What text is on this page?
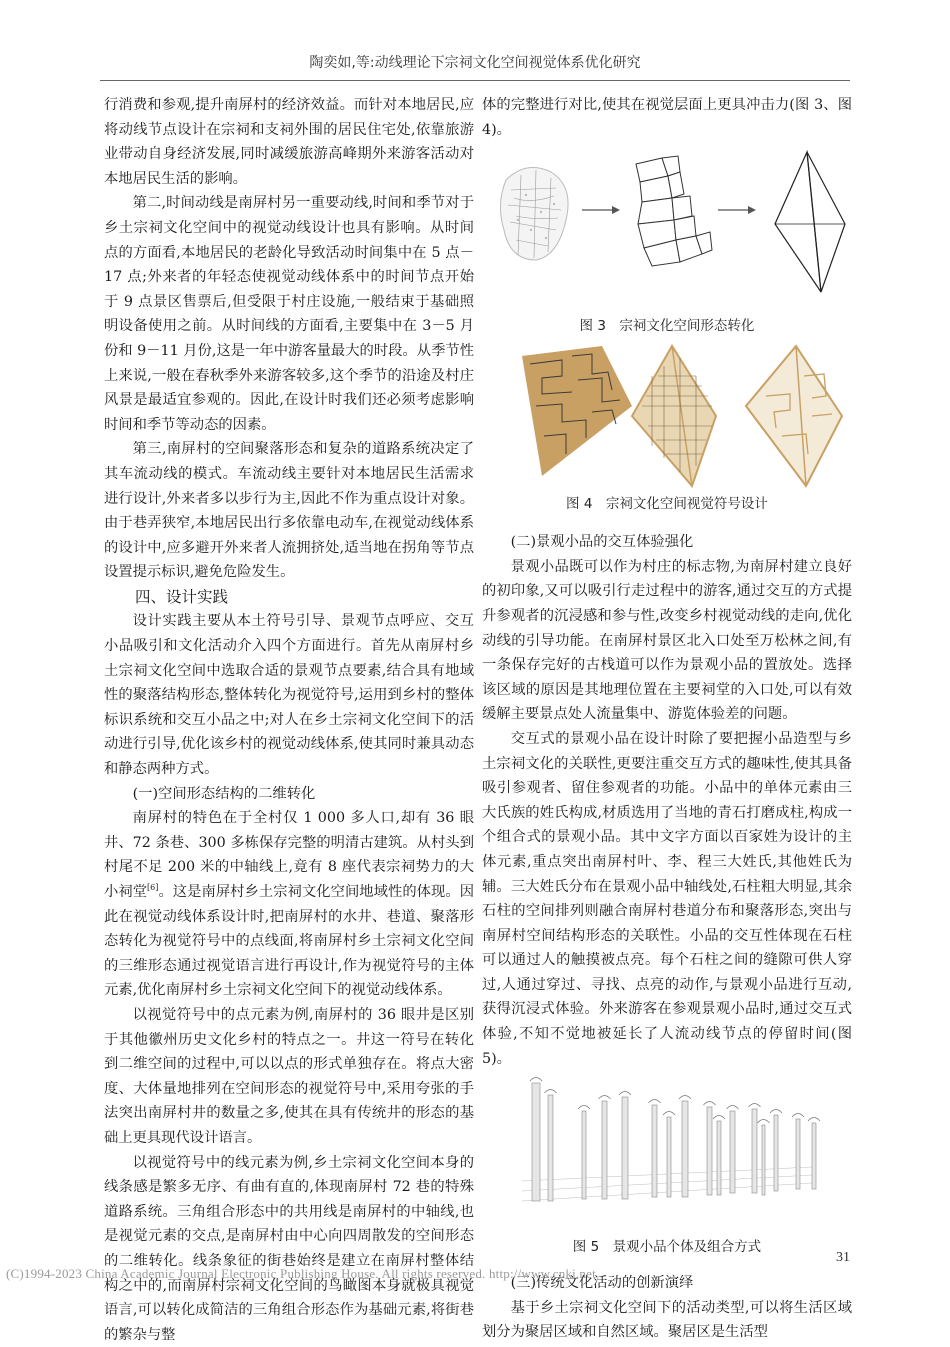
陶奕如,等:动线理论下宗祠文化空间视觉体系优化研究

行消费和参观,提升南屏村的经济效益。而针对本地居民,应将动线节点设计在宗祠和支祠外围的居民住宅处,依靠旅游业带动自身经济发展,同时减缓旅游高峰期外来游客活动对本地居民生活的影响。

第二,时间动线是南屏村另一重要动线,时间和季节对于乡土宗祠文化空间中的视觉动线设计也具有影响。从时间点的方面看,本地居民的老龄化导致活动时间集中在 5 点－17 点;外来者的年轻态使视觉动线体系中的时间节点开始于 9 点景区售票后,但受限于村庄设施,一般结束于基础照明设备使用之前。从时间线的方面看,主要集中在 3－5 月份和 9－11 月份,这是一年中游客量最大的时段。从季节性上来说,一般在春秋季外来游客较多,这个季节的沿途及村庄风景是最适宜参观的。因此,在设计时我们还必须考虑影响时间和季节等动态的因素。

第三,南屏村的空间聚落形态和复杂的道路系统决定了其车流动线的模式。车流动线主要针对本地居民生活需求进行设计,外来者多以步行为主,因此不作为重点设计对象。由于巷弄狭窄,本地居民出行多依靠电动车,在视觉动线体系的设计中,应多避开外来者人流拥挤处,适当地在拐角等节点设置提示标识,避免危险发生。

四、设计实践

设计实践主要从本土符号引导、景观节点呼应、交互小品吸引和文化活动介入四个方面进行。首先从南屏村乡土宗祠文化空间中选取合适的景观节点要素,结合具有地域性的聚落结构形态,整体转化为视觉符号,运用到乡村的整体标识系统和交互小品之中;对人在乡土宗祠文化空间下的活动进行引导,优化该乡村的视觉动线体系,使其同时兼具动态和静态两种方式。

(一)空间形态结构的二维转化

南屏村的特色在于全村仅 1 000 多人口,却有 36 眼井、72 条巷、300 多栋保存完整的明清古建筑。从村头到村尾不足 200 米的中轴线上,竟有 8 座代表宗祠势力的大小祠堂[6]。这是南屏村乡土宗祠文化空间地域性的体现。因此在视觉动线体系设计时,把南屏村的水井、巷道、聚落形态转化为视觉符号中的点线面,将南屏村乡土宗祠文化空间的三维形态通过视觉语言进行再设计,作为视觉符号的主体元素,优化南屏村乡土宗祠文化空间下的视觉动线体系。

以视觉符号中的点元素为例,南屏村的 36 眼井是区别于其他徽州历史文化乡村的特点之一。井这一符号在转化到二维空间的过程中,可以以点的形式单独存在。将点大密度、大体量地排列在空间形态的视觉符号中,采用夸张的手法突出南屏村井的数量之多,使其在具有传统井的形态的基础上更具现代设计语言。

以视觉符号中的线元素为例,乡土宗祠文化空间本身的线条感是繁多无序、有曲有直的,体现南屏村 72 巷的特殊道路系统。三角组合形态中的共用线是南屏村的中轴线,也是视觉元素的交点,是南屏村由中心向四周散发的空间形态的二维转化。线条象征的街巷始终是建立在南屏村整体结构之中的,而南屏村宗祠文化空间的鸟瞰图本身就极具视觉语言,可以转化成简洁的三角组合形态作为基础元素,将街巷的繁杂与整

体的完整进行对比,使其在视觉层面上更具冲击力(图 3、图 4)。

图 3　宗祠文化空间形态转化
图 4　宗祠文化空间视觉符号设计

(二)景观小品的交互体验强化

景观小品既可以作为村庄的标志物,为南屏村建立良好的初印象,又可以吸引行走过程中的游客,通过交互的方式提升参观者的沉浸感和参与性,改变乡村视觉动线的走向,优化动线的引导功能。在南屏村景区北入口处至万松林之间,有一条保存完好的古栈道可以作为景观小品的置放处。选择该区域的原因是其地理位置在主要祠堂的入口处,可以有效缓解主要景点处人流量集中、游览体验差的问题。

交互式的景观小品在设计时除了要把握小品造型与乡土宗祠文化的关联性,更要注重交互方式的趣味性,使其具备吸引参观者、留住参观者的功能。小品中的单体元素由三大氏族的姓氏构成,材质选用了当地的青石打磨成柱,构成一个组合式的景观小品。其中文字方面以百家姓为设计的主体元素,重点突出南屏村叶、李、程三大姓氏,其他姓氏为辅。三大姓氏分布在景观小品中轴线处,石柱粗大明显,其余石柱的空间排列则融合南屏村巷道分布和聚落形态,突出与南屏村空间结构形态的关联性。小品的交互性体现在石柱可以通过人的触摸被点亮。每个石柱之间的缝隙可供人穿过,人通过穿过、寻找、点亮的动作,与景观小品进行互动,获得沉浸式体验。外来游客在参观景观小品时,通过交互式体验,不知不觉地被延长了人流动线节点的停留时间(图 5)。

图 5　景观小品个体及组合方式

(三)传统文化活动的创新演绎

基于乡土宗祠文化空间下的活动类型,可以将生活区域划分为聚居区域和自然区域。聚居区是生活型

(C)1994-2023 China Academic Journal Electronic Publishing House. All rights reserved. http://www.cnki.net
31
